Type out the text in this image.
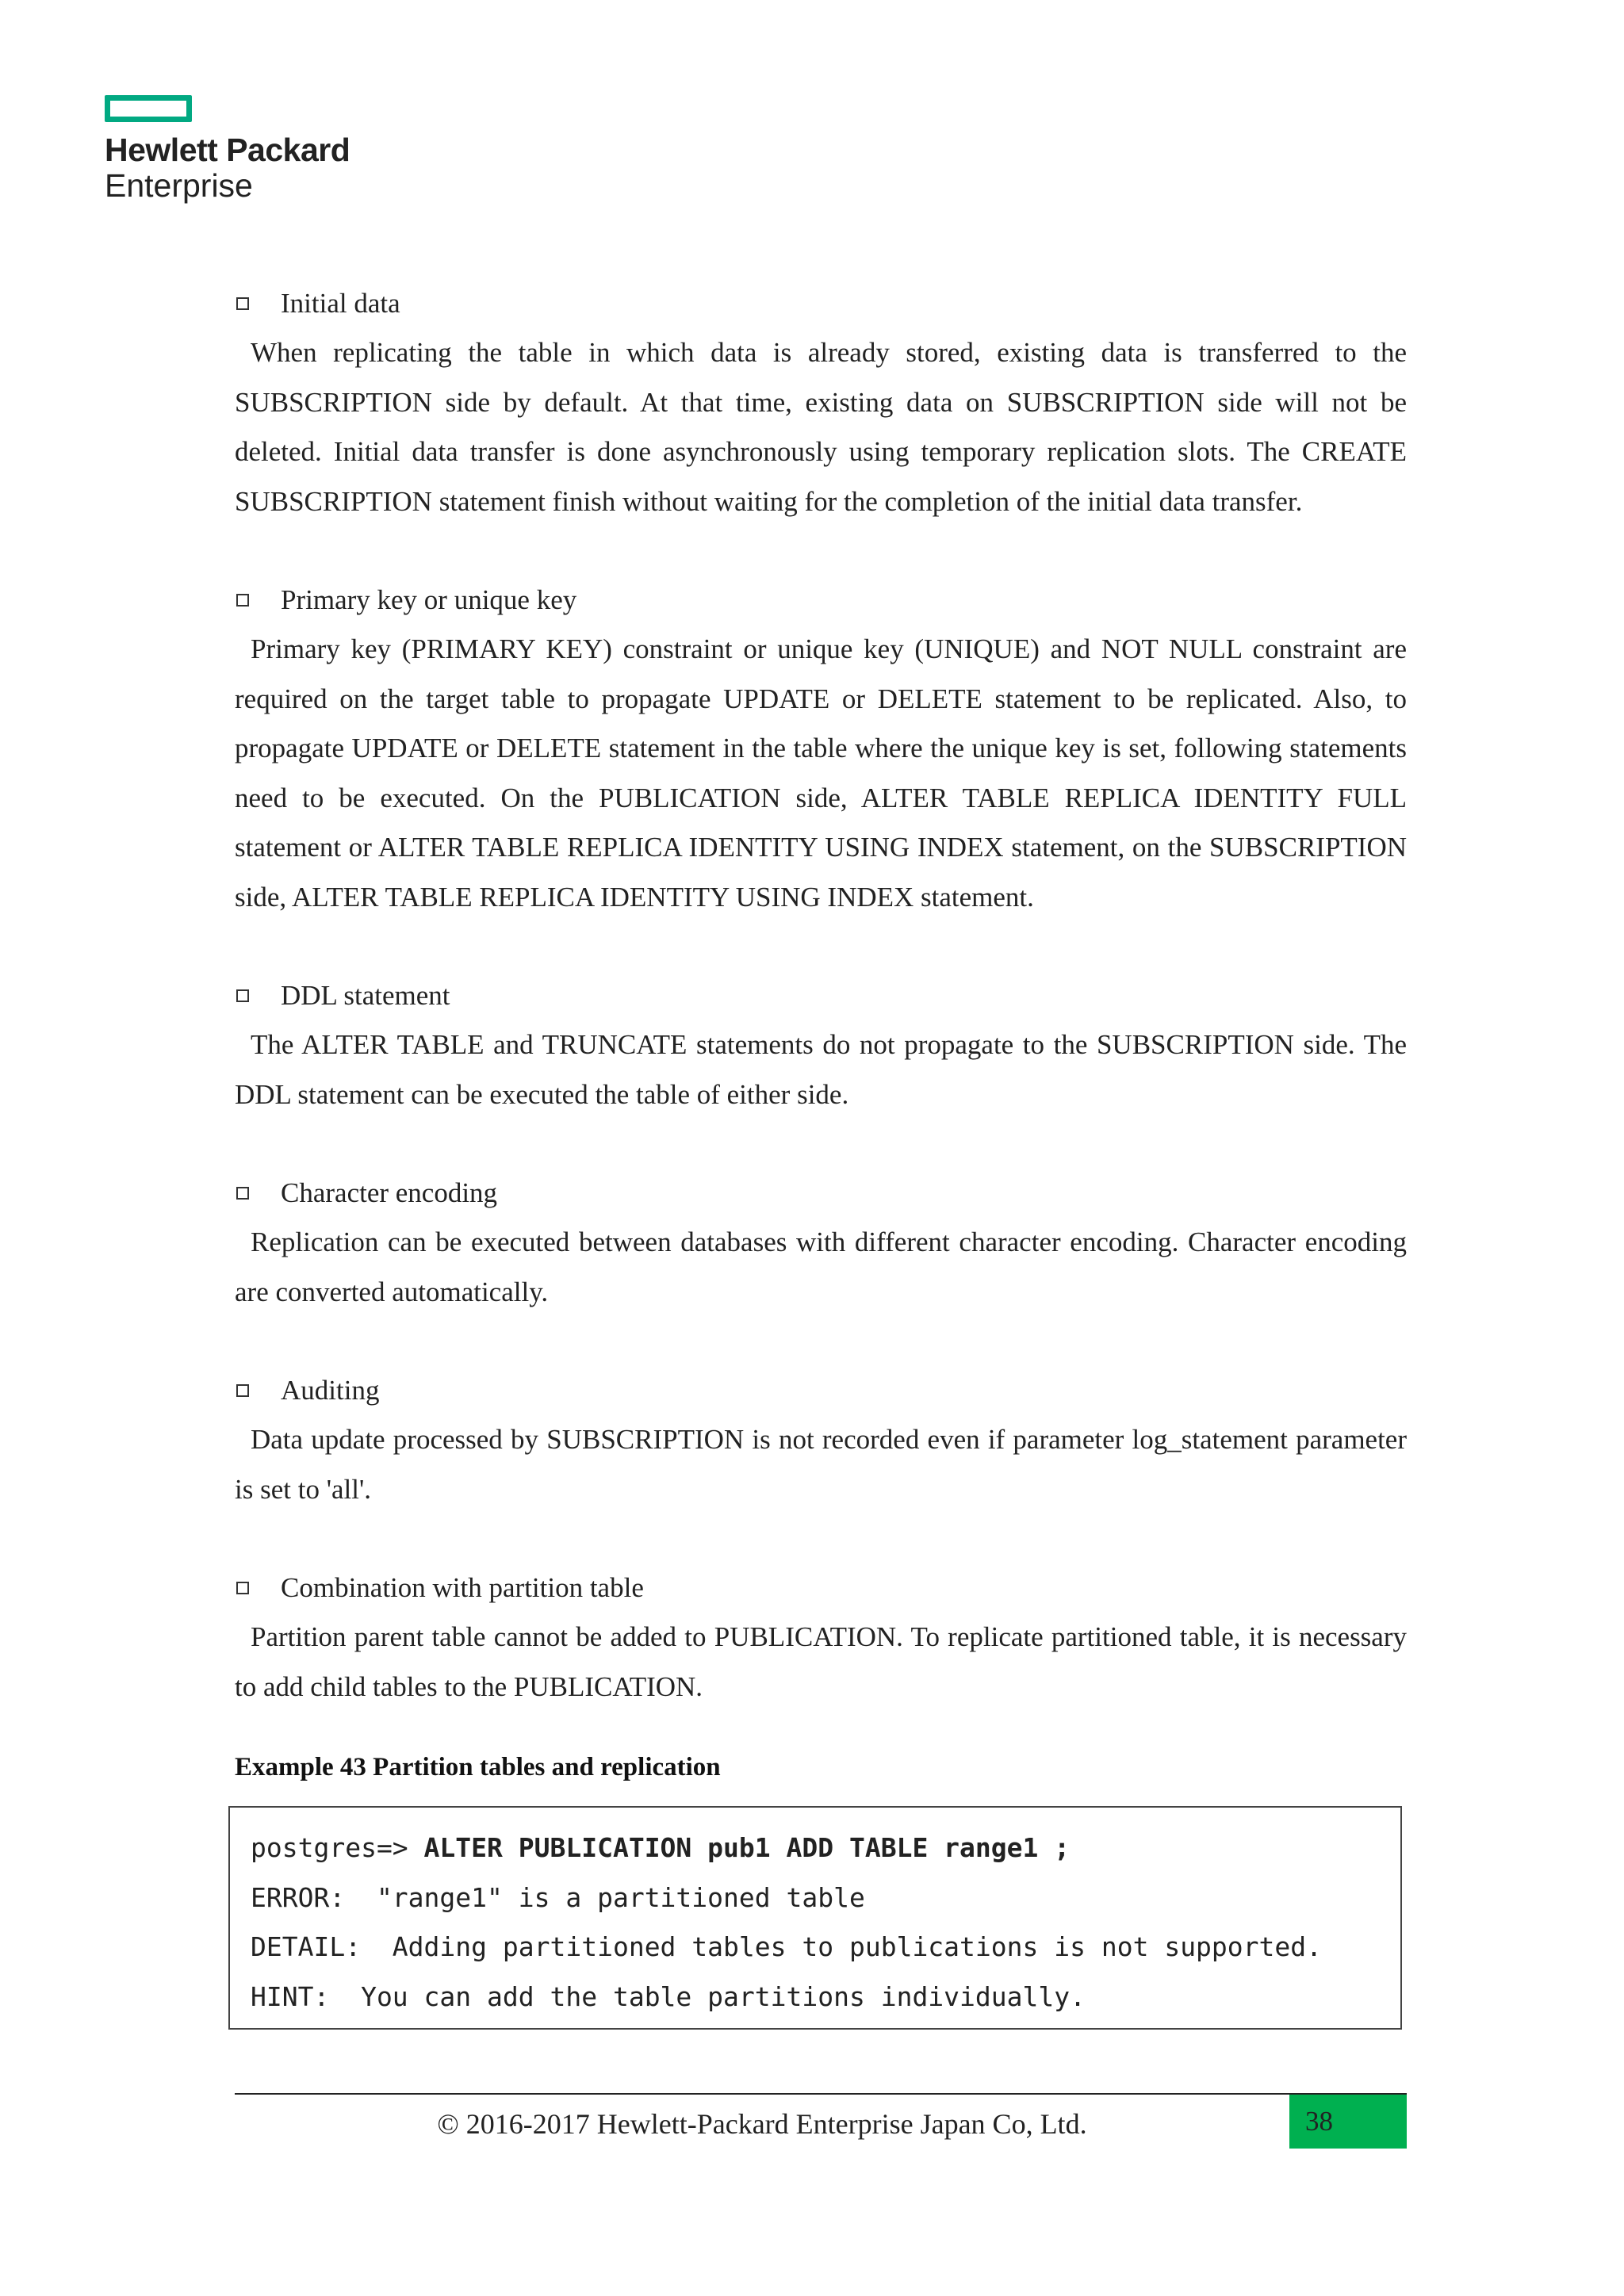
Hewlett Packard
Enterprise
Initial data

When replicating the table in which data is already stored, existing data is transferred to the SUBSCRIPTION side by default. At that time, existing data on SUBSCRIPTION side will not be deleted. Initial data transfer is done asynchronously using temporary replication slots. The CREATE SUBSCRIPTION statement finish without waiting for the completion of the initial data transfer.

Primary key or unique key

Primary key (PRIMARY KEY) constraint or unique key (UNIQUE) and NOT NULL constraint are required on the target table to propagate UPDATE or DELETE statement to be replicated. Also, to propagate UPDATE or DELETE statement in the table where the unique key is set, following statements need to be executed. On the PUBLICATION side, ALTER TABLE REPLICA IDENTITY FULL statement or ALTER TABLE REPLICA IDENTITY USING INDEX statement, on the SUBSCRIPTION side, ALTER TABLE REPLICA IDENTITY USING INDEX statement.

DDL statement

The ALTER TABLE and TRUNCATE statements do not propagate to the SUBSCRIPTION side. The DDL statement can be executed the table of either side.

Character encoding

Replication can be executed between databases with different character encoding. Character encoding are converted automatically.

Auditing

Data update processed by SUBSCRIPTION is not recorded even if parameter log_statement parameter is set to 'all'.

Combination with partition table

Partition parent table cannot be added to PUBLICATION. To replicate partitioned table, it is necessary to add child tables to the PUBLICATION.

Example 43 Partition tables and replication
postgres=> ALTER PUBLICATION pub1 ADD TABLE range1 ;
ERROR:  "range1" is a partitioned table
DETAIL:  Adding partitioned tables to publications is not supported.
HINT:  You can add the table partitions individually.
© 2016-2017 Hewlett-Packard Enterprise Japan Co, Ltd.	38
